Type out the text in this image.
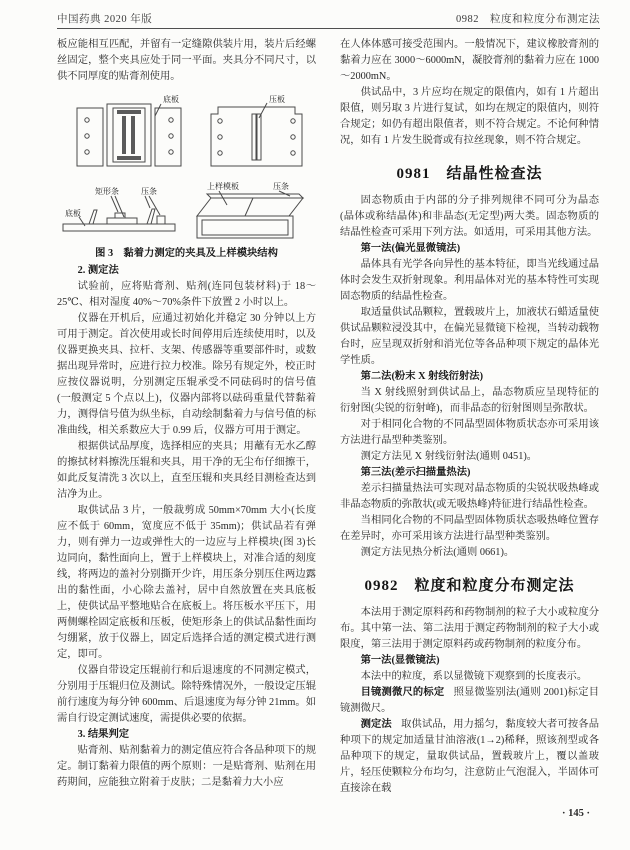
中国药典 2020 年版	0982　粒度和粒度分布测定法

板应能相互匹配，并留有一定缝隙供装片用，装片后经螺丝固定，整个夹具应处于同一平面。夹具分不同尺寸，以供不同厚度的贴膏剂使用。

底板	压板
矩形条	压条
底板
上样模板	压条

图 3　黏着力测定的夹具及上样模块结构

2. 测定法

试验前，应将贴膏剂、贴剂(连同包装材料)于 18～25℃、相对湿度 40%～70%条件下放置 2 小时以上。

仪器在开机后，应通过初始化并稳定 30 分钟以上方可用于测定。首次使用或长时间停用后连续使用时，以及仪器更换夹具、拉杆、支架、传感器等重要部件时，或数据出现异常时，应进行拉力校准。除另有规定外，校正时应按仪器说明，分别测定压辊承受不同砝码时的信号值(一般测定 5 个点以上)，仪器内部将以砝码重量代替黏着力，测得信号值为纵坐标，自动绘制黏着力与信号值的标准曲线，相关系数应大于 0.99 后，仪器方可用于测定。

根据供试品厚度，选择相应的夹具；用蘸有无水乙醇的擦拭材料擦洗压辊和夹具，用干净的无尘布仔细擦干，如此反复清洗 3 次以上，直至压辊和夹具经目测检查达到洁净为止。

取供试品 3 片，一般裁剪成 50mm×70mm 大小(长度应不低于 60mm，宽度应不低于 35mm)；供试品若有弹力，则有弹力一边或弹性大的一边应与上样模块(图 3)长边同向，黏性面向上，置于上样模块上，对准合适的刻度线，将两边的盖衬分别撕开少许，用压条分别压住两边露出的黏性面，小心除去盖衬，居中自然放置在夹具底板上，使供试品平整地贴合在底板上。将压板水平压下，用两侧螺栓固定底板和压板，使矩形条上的供试品黏性面均匀绷紧，放于仪器上，固定后选择合适的测定模式进行测定，即可。

仪器自带设定压辊前行和后退速度的不同测定模式，分别用于压辊归位及测试。除特殊情况外，一般设定压辊前行速度为每分钟 600mm、后退速度为每分钟 21mm。如需自行设定测试速度，需提供必要的依据。

3. 结果判定

贴膏剂、贴剂黏着力的测定值应符合各品种项下的规定。制订黏着力限值的两个原则：一是贴膏剂、贴剂在用药期间，应能独立附着于皮肤；二是黏着力大小应

在人体体感可接受范围内。一般情况下，建议橡胶膏剂的黏着力应在 3000～6000mN，凝胶膏剂的黏着力应在 1000～2000mN。

供试品中，3 片应均在规定的限值内，如有 1 片超出限值，则另取 3 片进行复试，如均在规定的限值内，则符合规定；如仍有超出限值者，则不符合规定。不论何种情况，如有 1 片发生脱膏或有拉丝现象，则不符合规定。

0981　结晶性检查法

固态物质由于内部的分子排列规律不同可分为晶态(晶体或称结晶体)和非晶态(无定型)两大类。固态物质的结晶性检查可采用下列方法。如适用，可采用其他方法。

第一法(偏光显微镜法)

晶体具有光学各向异性的基本特征，即当光线通过晶体时会发生双折射现象。利用晶体对光的基本特性可实现固态物质的结晶性检查。

取适量供试品颗粒，置载玻片上，加液状石蜡适量使供试品颗粒浸没其中，在偏光显微镜下检视，当转动载物台时，应呈现双折射和消光位等各品种项下规定的晶体光学性质。

第二法(粉末 X 射线衍射法)

当 X 射线照射到供试品上，晶态物质应呈现特征的衍射图(尖锐的衍射峰)，而非晶态的衍射图则呈弥散状。

对于相同化合物的不同晶型固体物质状态亦可采用该方法进行晶型种类鉴别。

测定方法见 X 射线衍射法(通则 0451)。

第三法(差示扫描量热法)

差示扫描量热法可实现对晶态物质的尖锐状吸热峰或非晶态物质的弥散状(或无吸热峰)特征进行结晶性检查。

当相同化合物的不同晶型固体物质状态吸热峰位置存在差异时，亦可采用该方法进行晶型种类鉴别。

测定方法见热分析法(通则 0661)。

0982　粒度和粒度分布测定法

本法用于测定原料药和药物制剂的粒子大小或粒度分布。其中第一法、第二法用于测定药物制剂的粒子大小或限度，第三法用于测定原料药或药物制剂的粒度分布。

第一法(显微镜法)

本法中的粒度，系以显微镜下观察到的长度表示。

目镜测微尺的标定 照显微鉴别法(通则 2001)标定目镜测微尺。

测定法 取供试品，用力摇匀，黏度较大者可按各品种项下的规定加适量甘油溶液(1→2)稀释，照该剂型或各品种项下的规定，量取供试品，置载玻片上，覆以盖玻片，轻压使颗粒分布均匀，注意防止气泡混入，半固体可直接涂在载

· 145 ·
